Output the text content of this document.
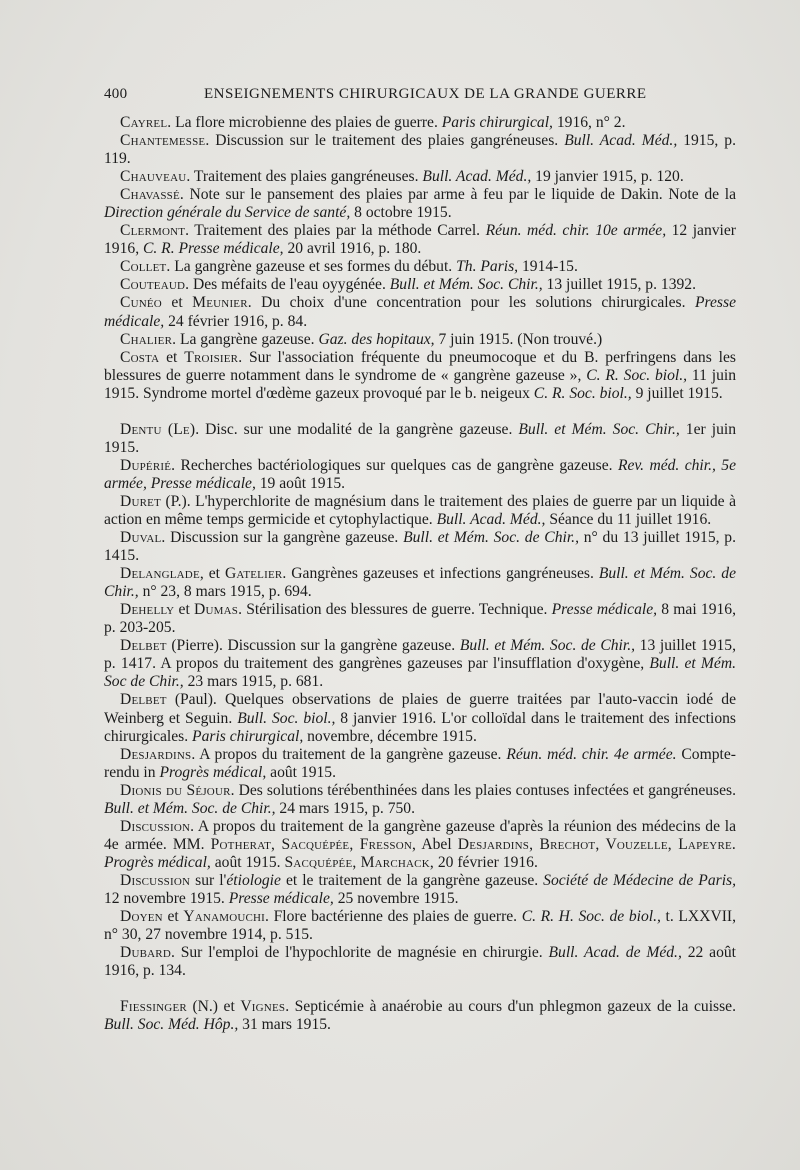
400	ENSEIGNEMENTS CHIRURGICAUX DE LA GRANDE GUERRE

Cayrel. La flore microbienne des plaies de guerre. Paris chirurgical, 1916, n° 2.

Chantemesse. Discussion sur le traitement des plaies gangréneuses. Bull. Acad. Méd., 1915, p. 119.

Chauveau. Traitement des plaies gangréneuses. Bull. Acad. Méd., 19 janvier 1915, p. 120.

Chavassé. Note sur le pansement des plaies par arme à feu par le liquide de Dakin. Note de la Direction générale du Service de santé, 8 octobre 1915.

Clermont. Traitement des plaies par la méthode Carrel. Réun. méd. chir. 10e armée, 12 janvier 1916, C. R. Presse médicale, 20 avril 1916, p. 180.

Collet. La gangrène gazeuse et ses formes du début. Th. Paris, 1914-15.

Couteaud. Des méfaits de l'eau oyygénée. Bull. et Mém. Soc. Chir., 13 juillet 1915, p. 1392.

Cunéo et Meunier. Du choix d'une concentration pour les solutions chirurgicales. Presse médicale, 24 février 1916, p. 84.

Chalier. La gangrène gazeuse. Gaz. des hopitaux, 7 juin 1915. (Non trouvé.)

Costa et Troisier. Sur l'association fréquente du pneumocoque et du B. perfringens dans les blessures de guerre notamment dans le syndrome de « gangrène gazeuse », C. R. Soc. biol., 11 juin 1915. Syndrome mortel d'œdème gazeux provoqué par le b. neigeux C. R. Soc. biol., 9 juillet 1915.

Dentu (Le). Disc. sur une modalité de la gangrène gazeuse. Bull. et Mém. Soc. Chir., 1er juin 1915.

Dupérié. Recherches bactériologiques sur quelques cas de gangrène gazeuse. Rev. méd. chir., 5e armée, Presse médicale, 19 août 1915.

Duret (P.). L'hyperchlorite de magnésium dans le traitement des plaies de guerre par un liquide à action en même temps germicide et cytophylactique. Bull. Acad. Méd., Séance du 11 juillet 1916.

Duval. Discussion sur la gangrène gazeuse. Bull. et Mém. Soc. de Chir., n° du 13 juillet 1915, p. 1415.

Delanglade, et Gatelier. Gangrènes gazeuses et infections gangréneuses. Bull. et Mém. Soc. de Chir., n° 23, 8 mars 1915, p. 694.

Dehelly et Dumas. Stérilisation des blessures de guerre. Technique. Presse médicale, 8 mai 1916, p. 203-205.

Delbet (Pierre). Discussion sur la gangrène gazeuse. Bull. et Mém. Soc. de Chir., 13 juillet 1915, p. 1417. A propos du traitement des gangrènes gazeuses par l'insufflation d'oxygène, Bull. et Mém. Soc de Chir., 23 mars 1915, p. 681.

Delbet (Paul). Quelques observations de plaies de guerre traitées par l'auto-vaccin iodé de Weinberg et Seguin. Bull. Soc. biol., 8 janvier 1916. L'or colloïdal dans le traitement des infections chirurgicales. Paris chirurgical, novembre, décembre 1915.

Desjardins. A propos du traitement de la gangrène gazeuse. Réun. méd. chir. 4e armée. Compte-rendu in Progrès médical, août 1915.

Dionis du Séjour. Des solutions térébenthinées dans les plaies contuses infectées et gangréneuses. Bull. et Mém. Soc. de Chir., 24 mars 1915, p. 750.

Discussion. A propos du traitement de la gangrène gazeuse d'après la réunion des médecins de la 4e armée. MM. Potherat, Sacquépée, Fresson, Abel Desjardins, Brechot, Vouzelle, Lapeyre. Progrès médical, août 1915. Sacquépée, Marchack, 20 février 1916.

Discussion sur l'étiologie et le traitement de la gangrène gazeuse. Société de Médecine de Paris, 12 novembre 1915. Presse médicale, 25 novembre 1915.

Doyen et Yanamouchi. Flore bactérienne des plaies de guerre. C. R. H. Soc. de biol., t. LXXVII, n° 30, 27 novembre 1914, p. 515.

Dubard. Sur l'emploi de l'hypochlorite de magnésie en chirurgie. Bull. Acad. de Méd., 22 août 1916, p. 134.

Fiessinger (N.) et Vignes. Septicémie à anaérobie au cours d'un phlegmon gazeux de la cuisse. Bull. Soc. Méd. Hôp., 31 mars 1915.
